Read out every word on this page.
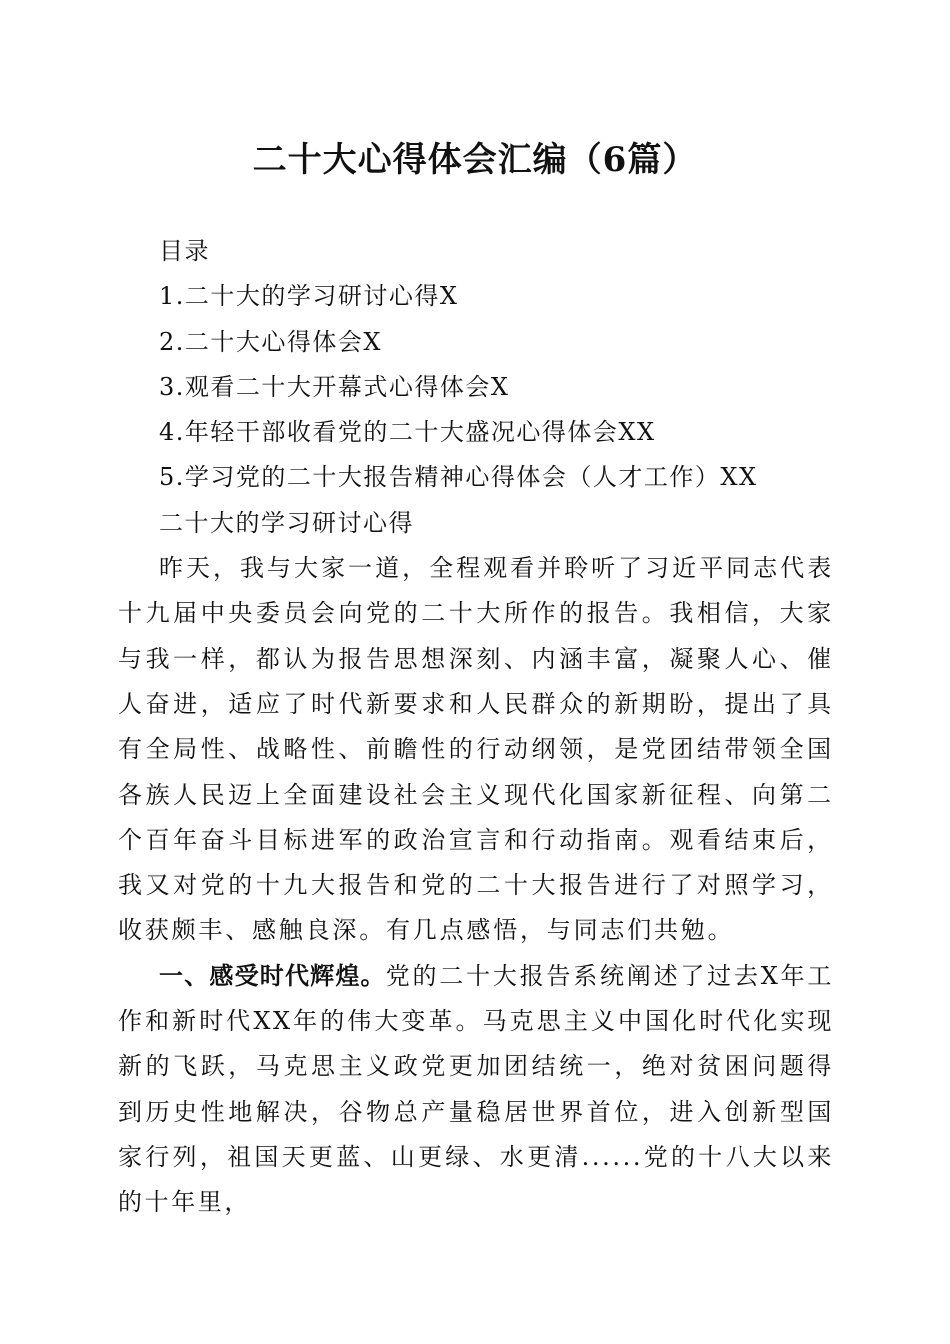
二十大心得体会汇编（6篇）
目录
1.二十大的学习研讨心得X
2.二十大心得体会X
3.观看二十大开幕式心得体会X
4.年轻干部收看党的二十大盛况心得体会XX
5.学习党的二十大报告精神心得体会（人才工作）XX
二十大的学习研讨心得

昨天，我与大家一道，全程观看并聆听了习近平同志代表十九届中央委员会向党的二十大所作的报告。我相信，大家与我一样，都认为报告思想深刻、内涵丰富，凝聚人心、催人奋进，适应了时代新要求和人民群众的新期盼，提出了具有全局性、战略性、前瞻性的行动纲领，是党团结带领全国各族人民迈上全面建设社会主义现代化国家新征程、向第二个百年奋斗目标进军的政治宣言和行动指南。观看结束后，我又对党的十九大报告和党的二十大报告进行了对照学习，收获颇丰、感触良深。有几点感悟，与同志们共勉。

一、感受时代辉煌。党的二十大报告系统阐述了过去X年工作和新时代XX年的伟大变革。马克思主义中国化时代化实现新的飞跃，马克思主义政党更加团结统一，绝对贫困问题得到历史性地解决，谷物总产量稳居世界首位，进入创新型国家行列，祖国天更蓝、山更绿、水更清......党的十八大以来的十年里，
